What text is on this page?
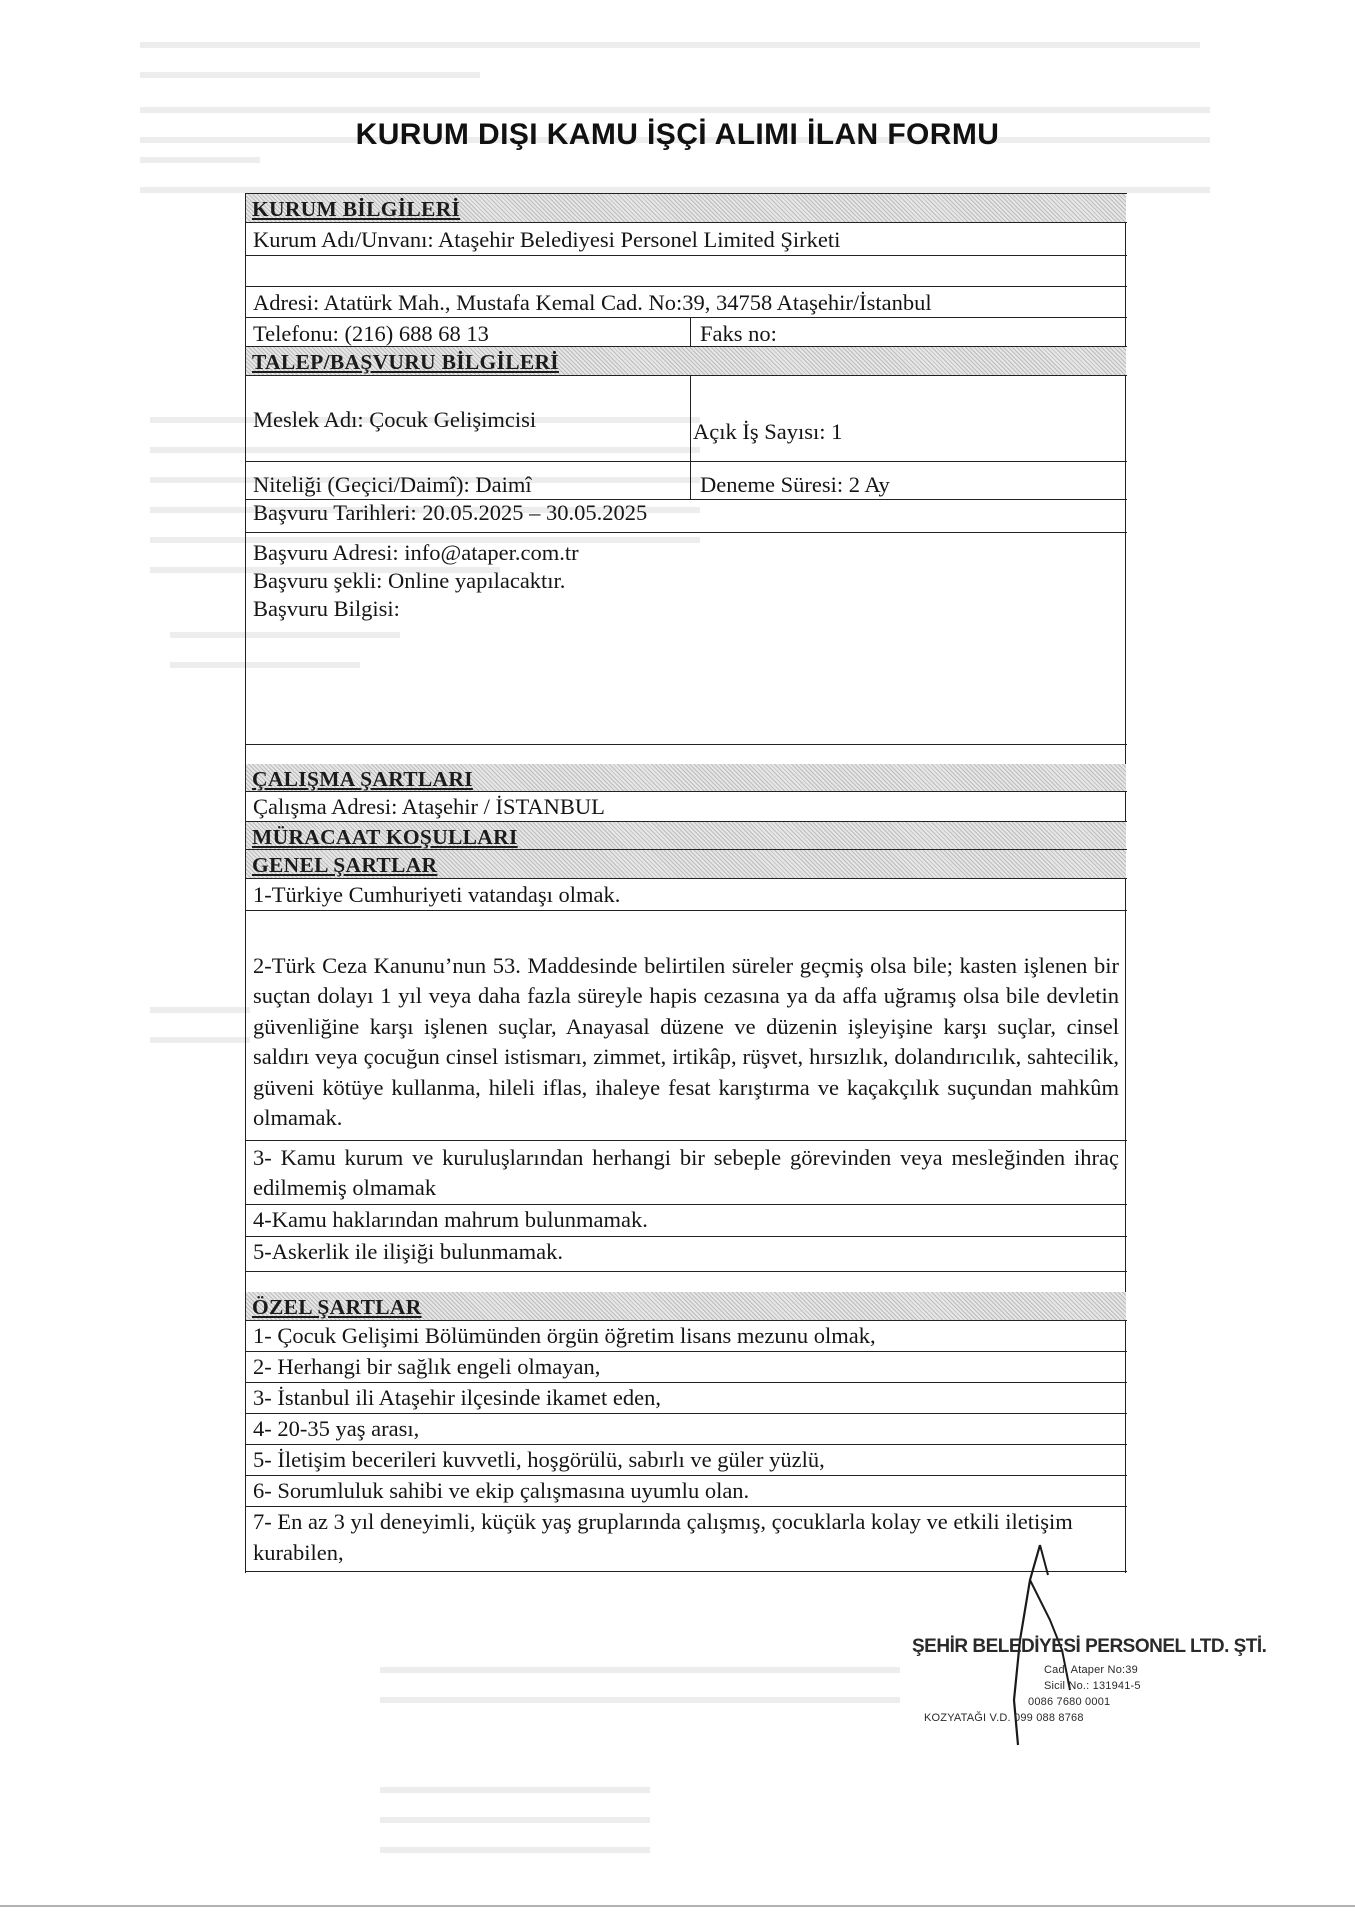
KURUM DIŞI KAMU İŞÇİ ALIMI İLAN FORMU
KURUM BİLGİLERİ
Kurum Adı/Unvanı: Ataşehir Belediyesi Personel Limited Şirketi
Adresi: Atatürk Mah., Mustafa Kemal Cad. No:39, 34758 Ataşehir/İstanbul
Telefonu: (216) 688 68 13	Faks no:
TALEP/BAŞVURU BİLGİLERİ
Meslek Adı: Çocuk Gelişimcisi	Açık İş Sayısı: 1
Niteliği (Geçici/Daimî): Daimî	Deneme Süresi: 2 Ay
Başvuru Tarihleri: 20.05.2025 – 30.05.2025
Başvuru Adresi: info@ataper.com.tr
Başvuru şekli: Online yapılacaktır.
Başvuru Bilgisi:
ÇALIŞMA ŞARTLARI
Çalışma Adresi: Ataşehir / İSTANBUL
MÜRACAAT KOŞULLARI
GENEL ŞARTLAR
1-Türkiye Cumhuriyeti vatandaşı olmak.
2-Türk Ceza Kanunu’nun 53. Maddesinde belirtilen süreler geçmiş olsa bile; kasten işlenen bir suçtan dolayı 1 yıl veya daha fazla süreyle hapis cezasına ya da affa uğramış olsa bile devletin güvenliğine karşı işlenen suçlar, Anayasal düzene ve düzenin işleyişine karşı suçlar, cinsel saldırı veya çocuğun cinsel istismarı, zimmet, irtikâp, rüşvet, hırsızlık, dolandırıcılık, sahtecilik, güveni kötüye kullanma, hileli iflas, ihaleye fesat karıştırma ve kaçakçılık suçundan mahkûm olmamak.
3- Kamu kurum ve kuruluşlarından herhangi bir sebeple görevinden veya mesleğinden ihraç edilmemiş olmamak
4-Kamu haklarından mahrum bulunmamak.
5-Askerlik ile ilişiği bulunmamak.
ÖZEL ŞARTLAR
1- Çocuk Gelişimi Bölümünden örgün öğretim lisans mezunu olmak,
2- Herhangi bir sağlık engeli olmayan,
3- İstanbul ili Ataşehir ilçesinde ikamet eden,
4- 20-35 yaş arası,
5- İletişim becerileri kuvvetli, hoşgörülü, sabırlı ve güler yüzlü,
6- Sorumluluk sahibi ve ekip çalışmasına uyumlu olan.
7- En az 3 yıl deneyimli, küçük yaş gruplarında çalışmış, çocuklarla kolay ve etkili iletişim kurabilen,
ŞEHİR BELEDİYESİ PERSONEL LTD. ŞTİ.
Cad. Ataper No:39
Sicil No.: 131941-5
0086 7680 0001
KOZYATAĞI V.D. 099 088 8768
